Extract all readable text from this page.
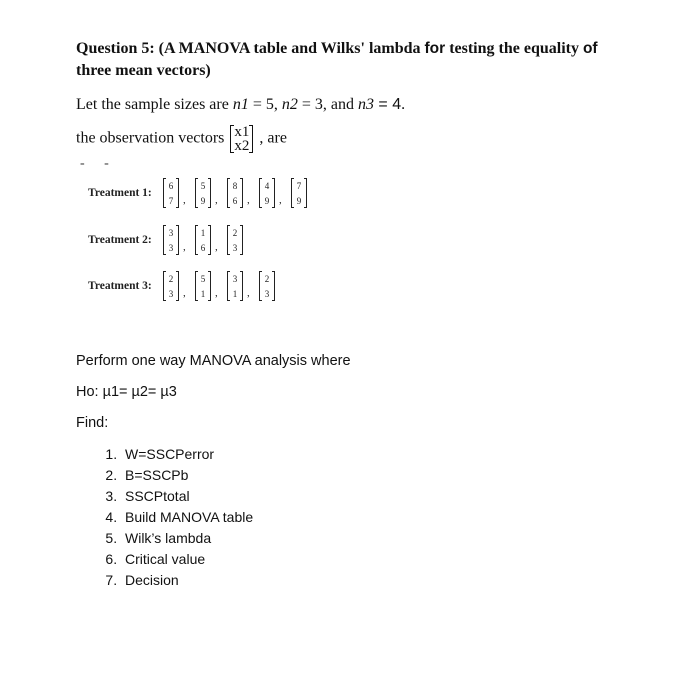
Question 5: (A MANOVA table and Wilks' lambda for testing the equality of three mean vectors)
Let the sample sizes are n1 = 5, n2 = 3, and n3 = 4.
the observation vectors x1
x2 , are
- -
Treatment 1:
6
7 ,
5
9 ,
8
6 ,
4
9 ,
7
9
Treatment 2:
3
3 ,
1
6 ,
2
3
Treatment 3:
2
3 ,
5
1 ,
3
1 ,
2
3
Perform one way MANOVA analysis where
Ho: µ1= µ2= µ3
Find:
1. W=SSCPerror
2. B=SSCPb
3. SSCPtotal
4. Build MANOVA table
5. Wilk’s lambda
6. Critical value
7. Decision
